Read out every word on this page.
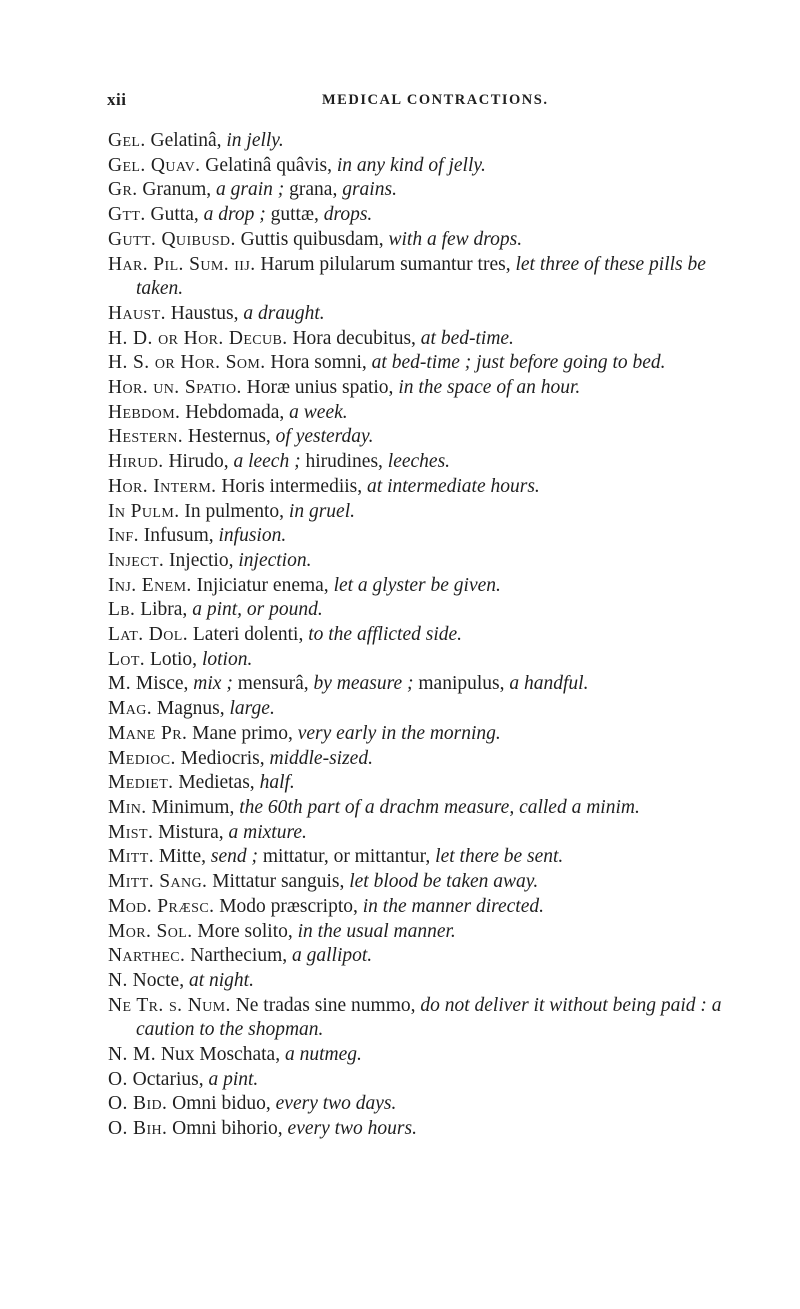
xii	MEDICAL CONTRACTIONS.
Gel. Gelatinâ, in jelly.
Gel. Quav. Gelatinâ quâvis, in any kind of jelly.
Gr. Granum, a grain ; grana, grains.
Gtt. Gutta, a drop ; guttæ, drops.
Gutt. Quibusd. Guttis quibusdam, with a few drops.
Har. Pil. Sum. iij. Harum pilularum sumantur tres, let three of these pills be taken.
Haust. Haustus, a draught.
H. D. or Hor. Decub. Hora decubitus, at bed-time.
H. S. or Hor. Som. Hora somni, at bed-time ; just before going to bed.
Hor. un. Spatio. Horæ unius spatio, in the space of an hour.
Hebdom. Hebdomada, a week.
Hestern. Hesternus, of yesterday.
Hirud. Hirudo, a leech ; hirudines, leeches.
Hor. Interm. Horis intermediis, at intermediate hours.
In Pulm. In pulmento, in gruel.
Inf. Infusum, infusion.
Inject. Injectio, injection.
Inj. Enem. Injiciatur enema, let a glyster be given.
Lb. Libra, a pint, or pound.
Lat. Dol. Lateri dolenti, to the afflicted side.
Lot. Lotio, lotion.
M. Misce, mix ; mensurâ, by measure ; manipulus, a handful.
Mag. Magnus, large.
Mane Pr. Mane primo, very early in the morning.
Medioc. Mediocris, middle-sized.
Mediet. Medietas, half.
Min. Minimum, the 60th part of a drachm measure, called a minim.
Mist. Mistura, a mixture.
Mitt. Mitte, send ; mittatur, or mittantur, let there be sent.
Mitt. Sang. Mittatur sanguis, let blood be taken away.
Mod. Præsc. Modo præscripto, in the manner directed.
Mor. Sol. More solito, in the usual manner.
Narthec. Narthecium, a gallipot.
N. Nocte, at night.
Ne Tr. s. Num. Ne tradas sine nummo, do not deliver it without being paid : a caution to the shopman.
N. M. Nux Moschata, a nutmeg.
O. Octarius, a pint.
O. Bid. Omni biduo, every two days.
O. Bih. Omni bihorio, every two hours.
